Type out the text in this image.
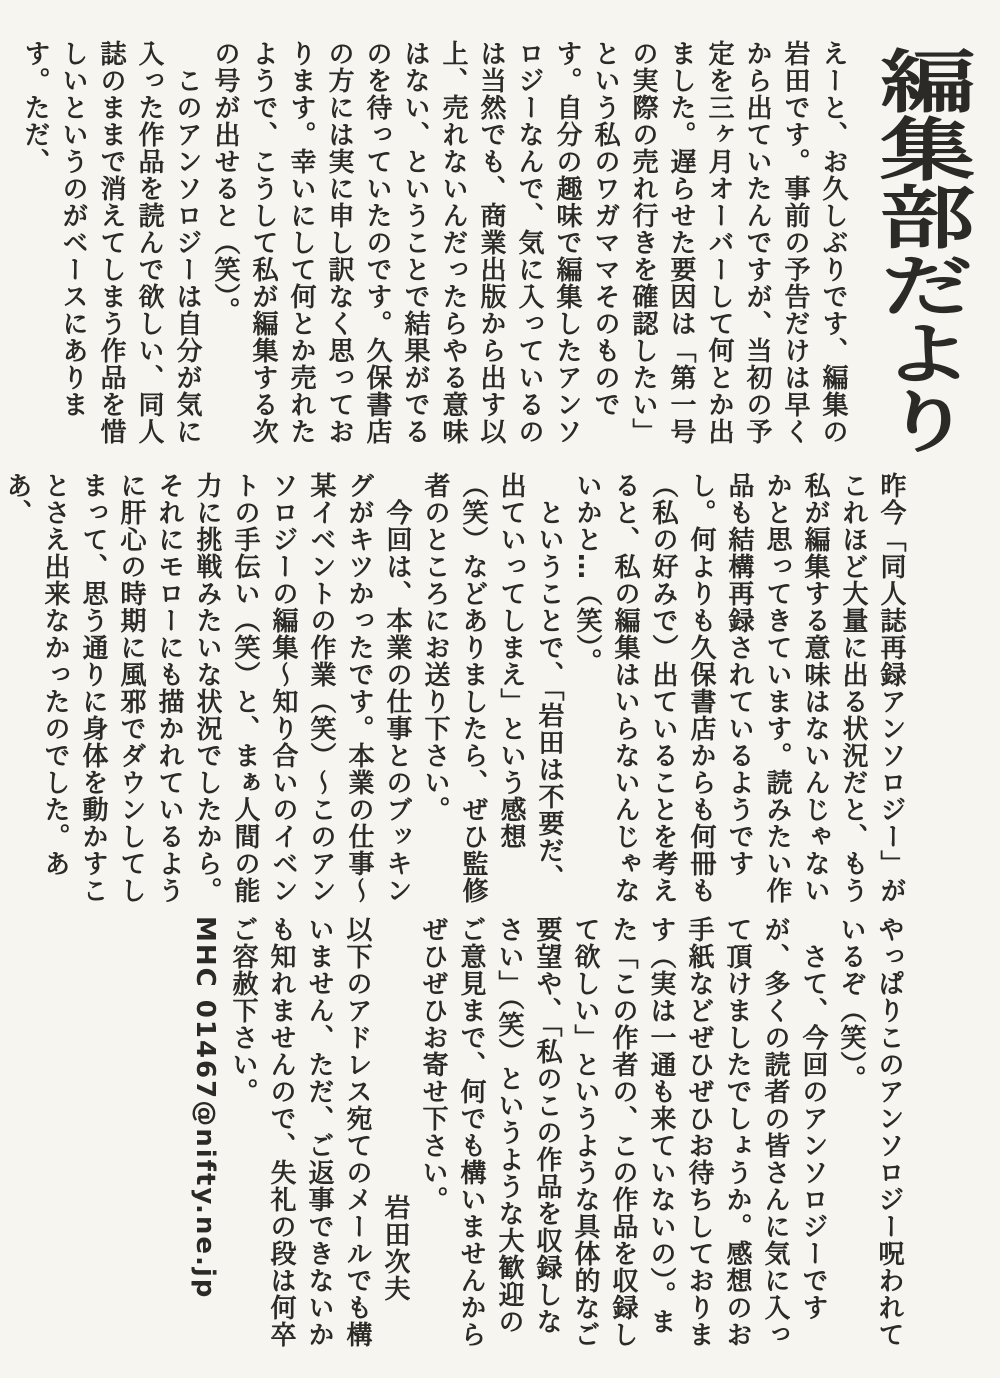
編集部だより

えーと、お久しぶりです、編集の岩田です。事前の予告だけは早くから出ていたんですが、当初の予定を三ヶ月オーバーして何とか出ました。遅らせた要因は「第一号の実際の売れ行きを確認したい」という私のワガママそのものです。自分の趣味で編集したアンソロジーなんで、気に入っているのは当然でも、商業出版から出す以上、売れないんだったらやる意味はない、ということで結果がでるのを待っていたのです。久保書店の方には実に申し訳なく思っております。幸いにして何とか売れたようで、こうして私が編集する次の号が出せると（笑）。

　このアンソロジーは自分が気に入った作品を読んで欲しい、同人誌のままで消えてしまう作品を惜しいというのがベースにあります。ただ、

昨今「同人誌再録アンソロジー」がこれほど大量に出る状況だと、もう私が編集する意味はないんじゃないかと思ってきています。読みたい作品も結構再録されているようですし。何よりも久保書店からも何冊も（私の好みで）出ていることを考えると、私の編集はいらないんじゃないかと…（笑）。

　ということで、「岩田は不要だ、出ていってしまえ」という感想（笑）などありましたら、ぜひ監修者のところにお送り下さい。

　今回は、本業の仕事とのブッキングがキツかったです。本業の仕事～某イベントの作業（笑）～このアンソロジーの編集～知り合いのイベントの手伝い（笑）と、まぁ人間の能力に挑戦みたいな状況でしたから。それにモローにも描かれているように肝心の時期に風邪でダウンしてしまって、思う通りに身体を動かすことさえ出来なかったのでした。ああ、

やっぱりこのアンソロジー呪われているぞ（笑）。

　さて、今回のアンソロジーですが、多くの読者の皆さんに気に入って頂けましたでしょうか。感想のお手紙などぜひぜひお待ちしております（実は一通も来ていないの）。また「この作者の、この作品を収録して欲しい」というような具体的なご要望や、「私のこの作品を収録しなさい」（笑）というような大歓迎のご意見まで、何でも構いませんからぜひぜひお寄せ下さい。

岩田次夫

以下のアドレス宛てのメールでも構いません、ただ、ご返事できないかも知れませんので、失礼の段は何卒ご容赦下さい。

MHC 01467@nifty.ne.jp
